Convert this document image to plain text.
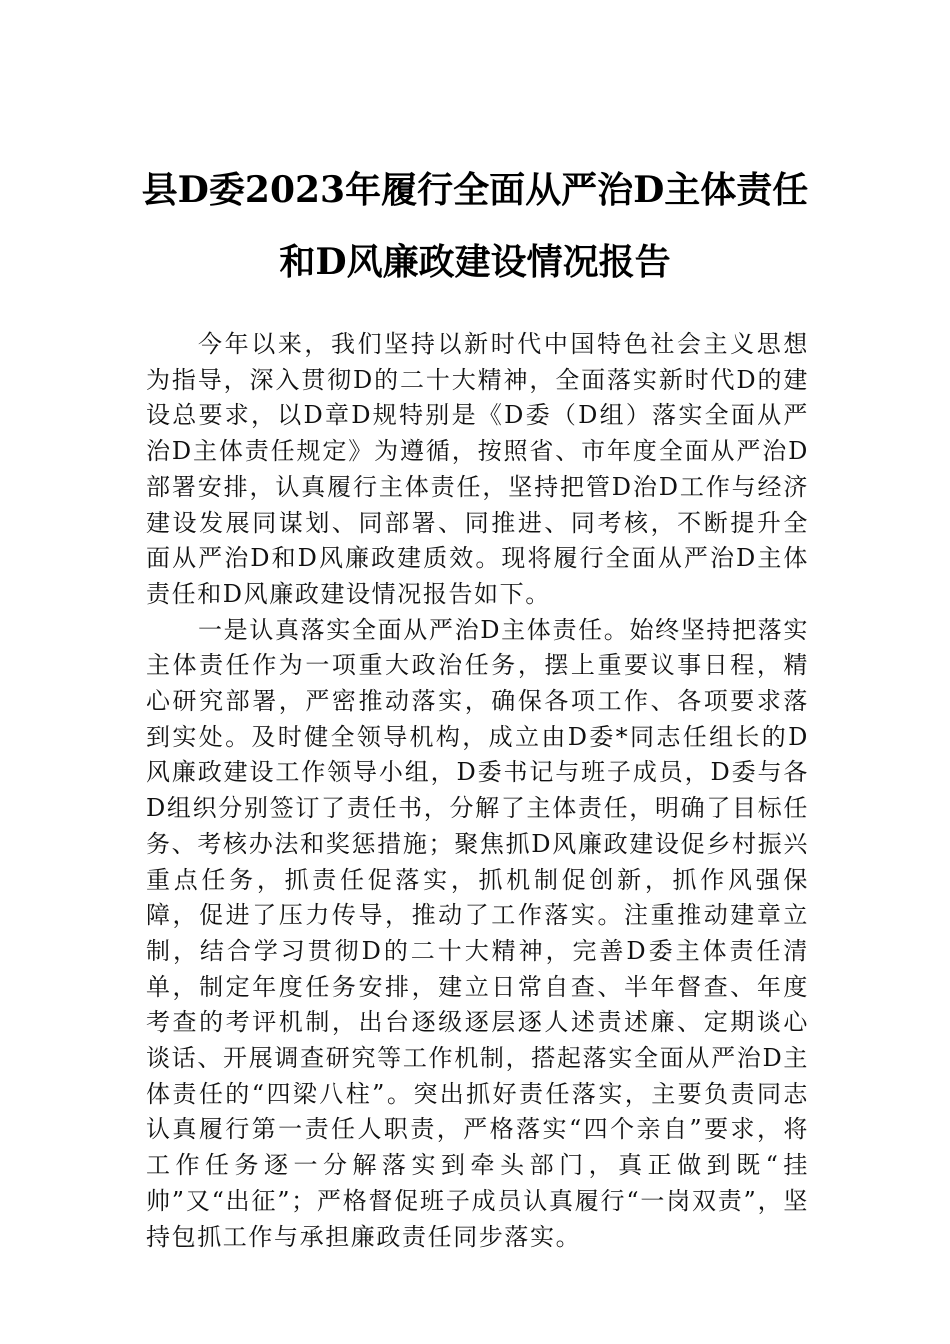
县D委2023年履行全面从严治D主体责任
和D风廉政建设情况报告

今年以来，我们坚持以新时代中国特色社会主义思想为指导，深入贯彻D的二十大精神，全面落实新时代D的建设总要求，以D章D规特别是《D委（D组）落实全面从严治D主体责任规定》为遵循，按照省、市年度全面从严治D部署安排，认真履行主体责任，坚持把管D治D工作与经济建设发展同谋划、同部署、同推进、同考核，不断提升全面从严治D和D风廉政建质效。现将履行全面从严治D主体责任和D风廉政建设情况报告如下。

一是认真落实全面从严治D主体责任。始终坚持把落实主体责任作为一项重大政治任务，摆上重要议事日程，精心研究部署，严密推动落实，确保各项工作、各项要求落到实处。及时健全领导机构，成立由D委*同志任组长的D风廉政建设工作领导小组，D委书记与班子成员，D委与各D组织分别签订了责任书，分解了主体责任，明确了目标任务、考核办法和奖惩措施；聚焦抓D风廉政建设促乡村振兴重点任务，抓责任促落实，抓机制促创新，抓作风强保障，促进了压力传导，推动了工作落实。注重推动建章立制，结合学习贯彻D的二十大精神，完善D委主体责任清单，制定年度任务安排，建立日常自查、半年督查、年度考查的考评机制，出台逐级逐层逐人述责述廉、定期谈心谈话、开展调查研究等工作机制，搭起落实全面从严治D主体责任的“四梁八柱”。突出抓好责任落实，主要负责同志认真履行第一责任人职责，严格落实“四个亲自”要求，将工作任务逐一分解落实到牵头部门，真正做到既“挂帅”又“出征”；严格督促班子成员认真履行“一岗双责”，坚持包抓工作与承担廉政责任同步落实。
